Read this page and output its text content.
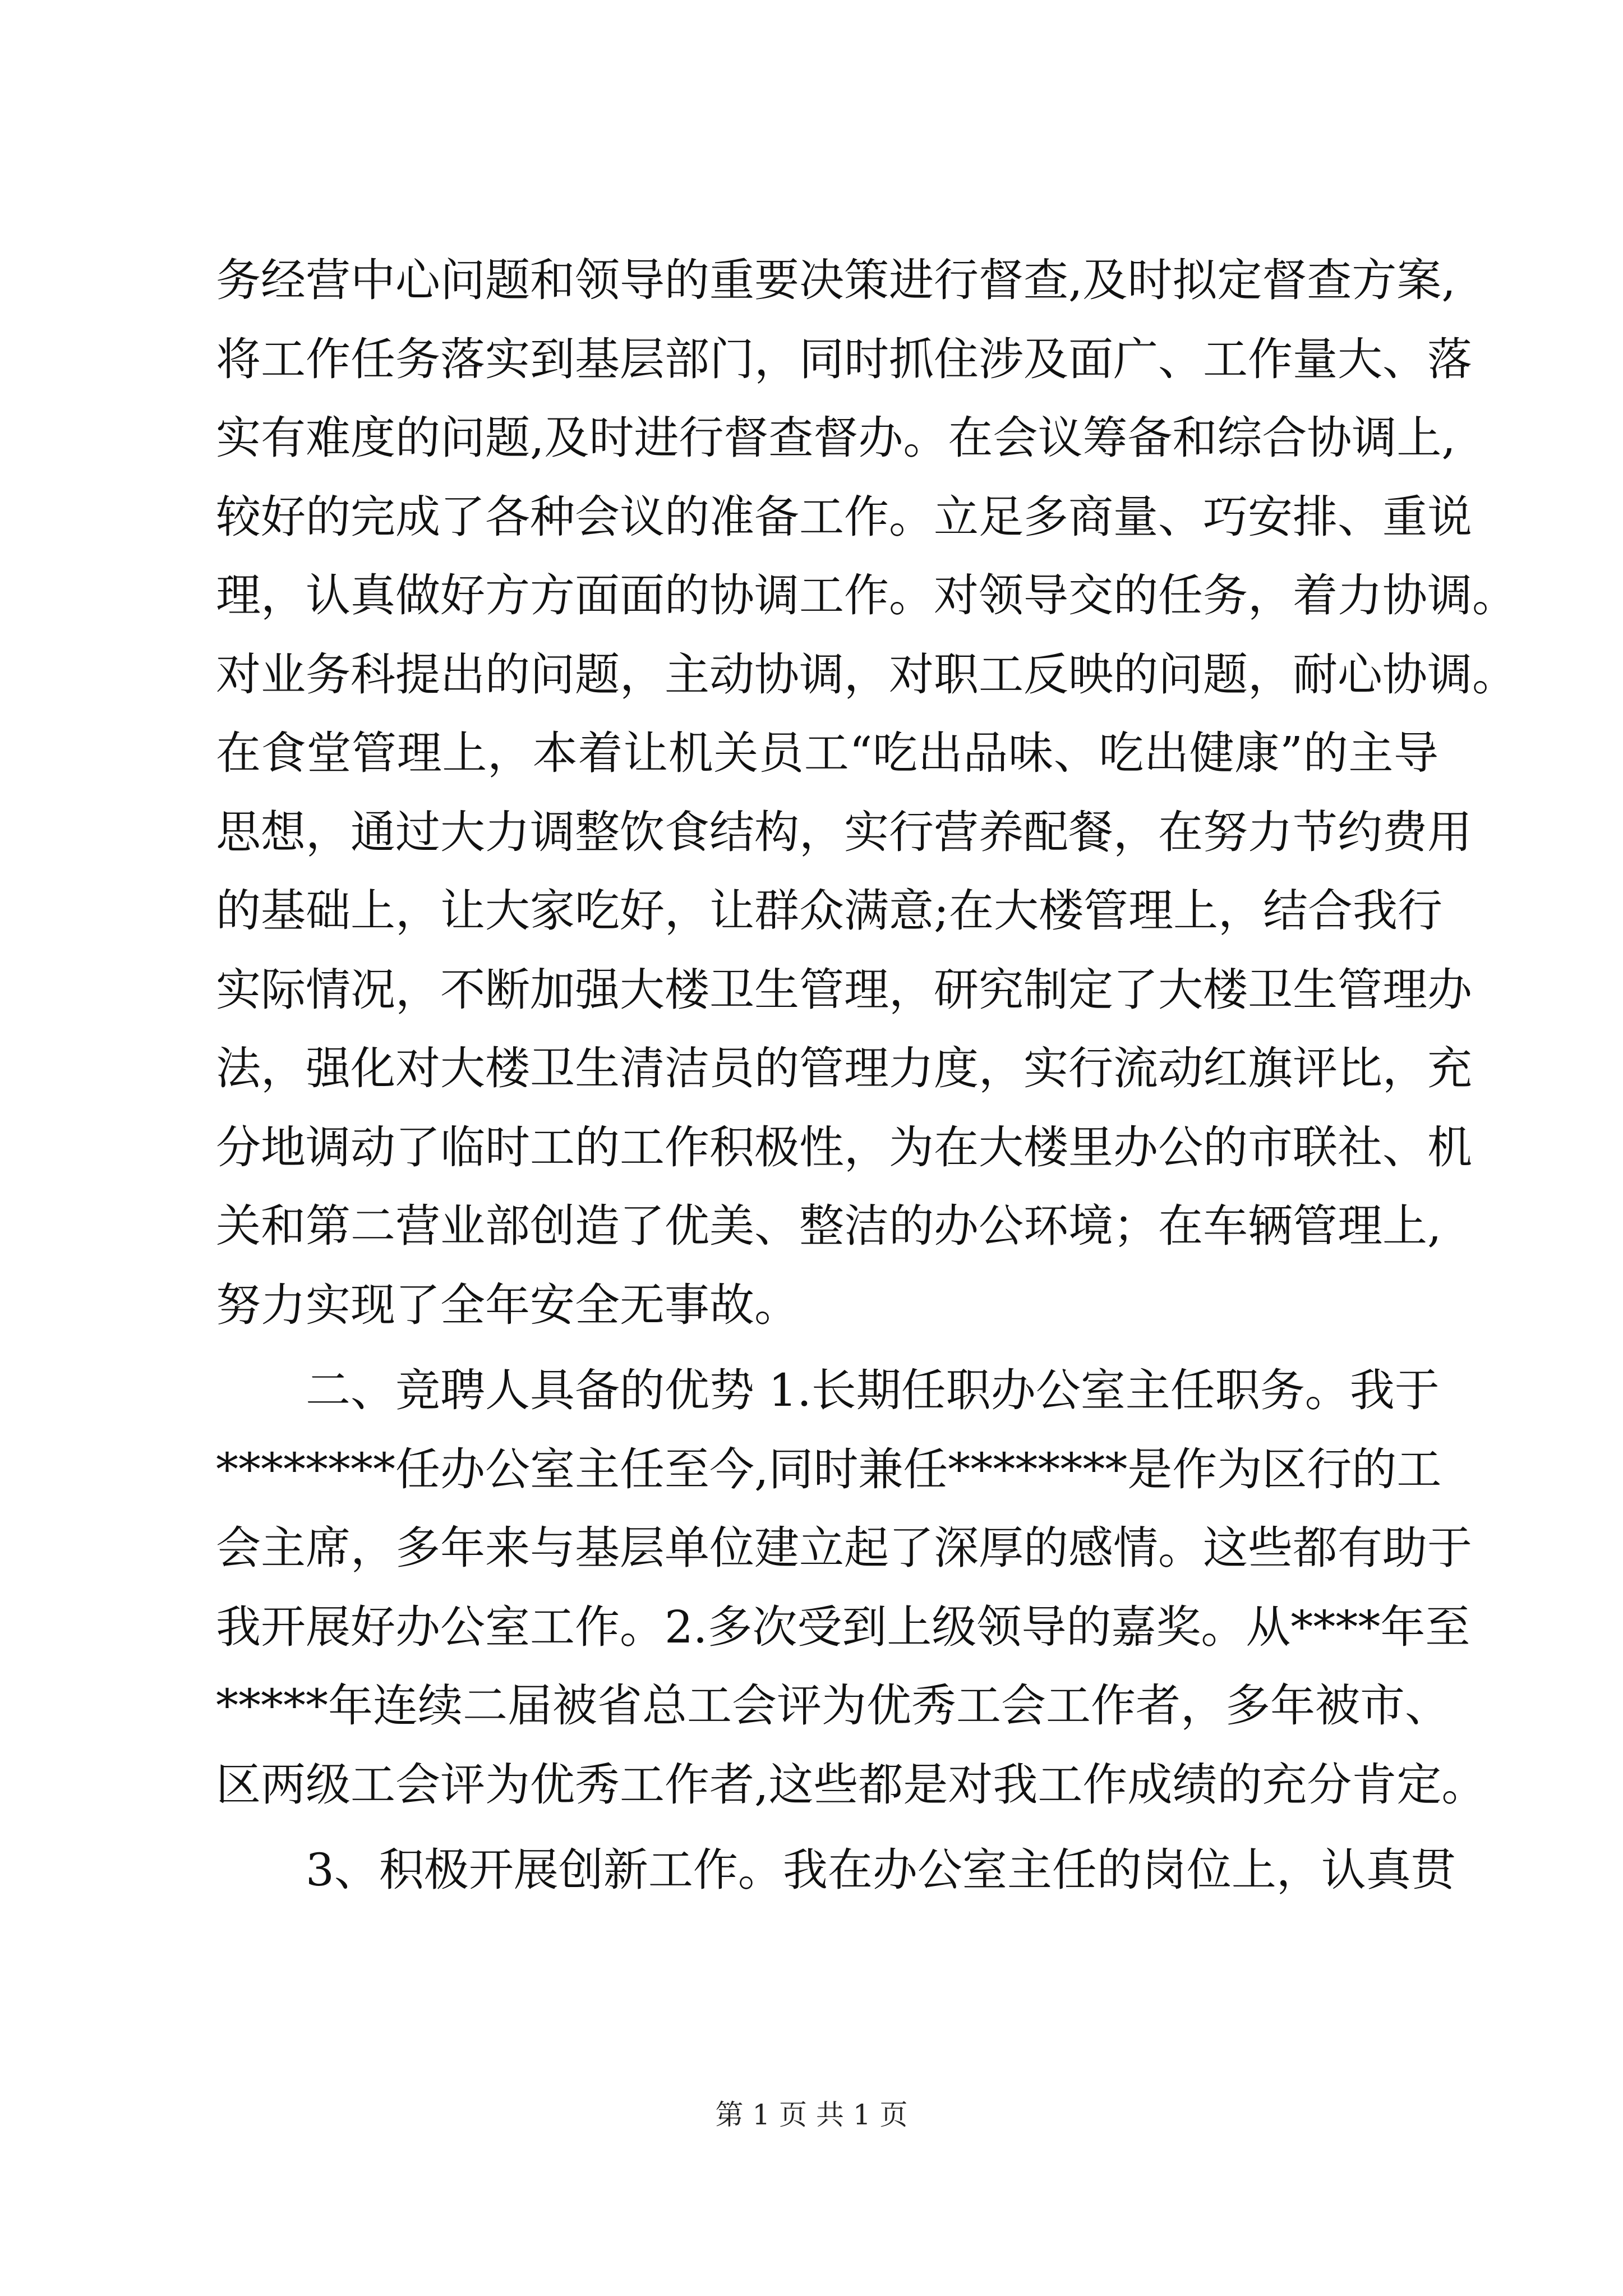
务经营中心问题和领导的重要决策进行督查,及时拟定督查方案,
将工作任务落实到基层部门，同时抓住涉及面广、工作量大、落
实有难度的问题,及时进行督查督办。在会议筹备和综合协调上,
较好的完成了各种会议的准备工作。立足多商量、巧安排、重说
理，认真做好方方面面的协调工作。对领导交的任务，着力协调。
对业务科提出的问题，主动协调，对职工反映的问题，耐心协调。
在食堂管理上，本着让机关员工“吃出品味、吃出健康”的主导
思想，通过大力调整饮食结构，实行营养配餐，在努力节约费用
的基础上，让大家吃好，让群众满意;在大楼管理上，结合我行
实际情况，不断加强大楼卫生管理，研究制定了大楼卫生管理办
法，强化对大楼卫生清洁员的管理力度，实行流动红旗评比，充
分地调动了临时工的工作积极性，为在大楼里办公的市联社、机
关和第二营业部创造了优美、整洁的办公环境；在车辆管理上,
努力实现了全年安全无事故。
二、竞聘人具备的优势 1.长期任职办公室主任职务。我于
********任办公室主任至今,同时兼任********是作为区行的工
会主席，多年来与基层单位建立起了深厚的感情。这些都有助于
我开展好办公室工作。2.多次受到上级领导的嘉奖。从****年至
*****年连续二届被省总工会评为优秀工会工作者，多年被市、
区两级工会评为优秀工作者,这些都是对我工作成绩的充分肯定。
3、积极开展创新工作。我在办公室主任的岗位上，认真贯
第 1 页 共 1 页
